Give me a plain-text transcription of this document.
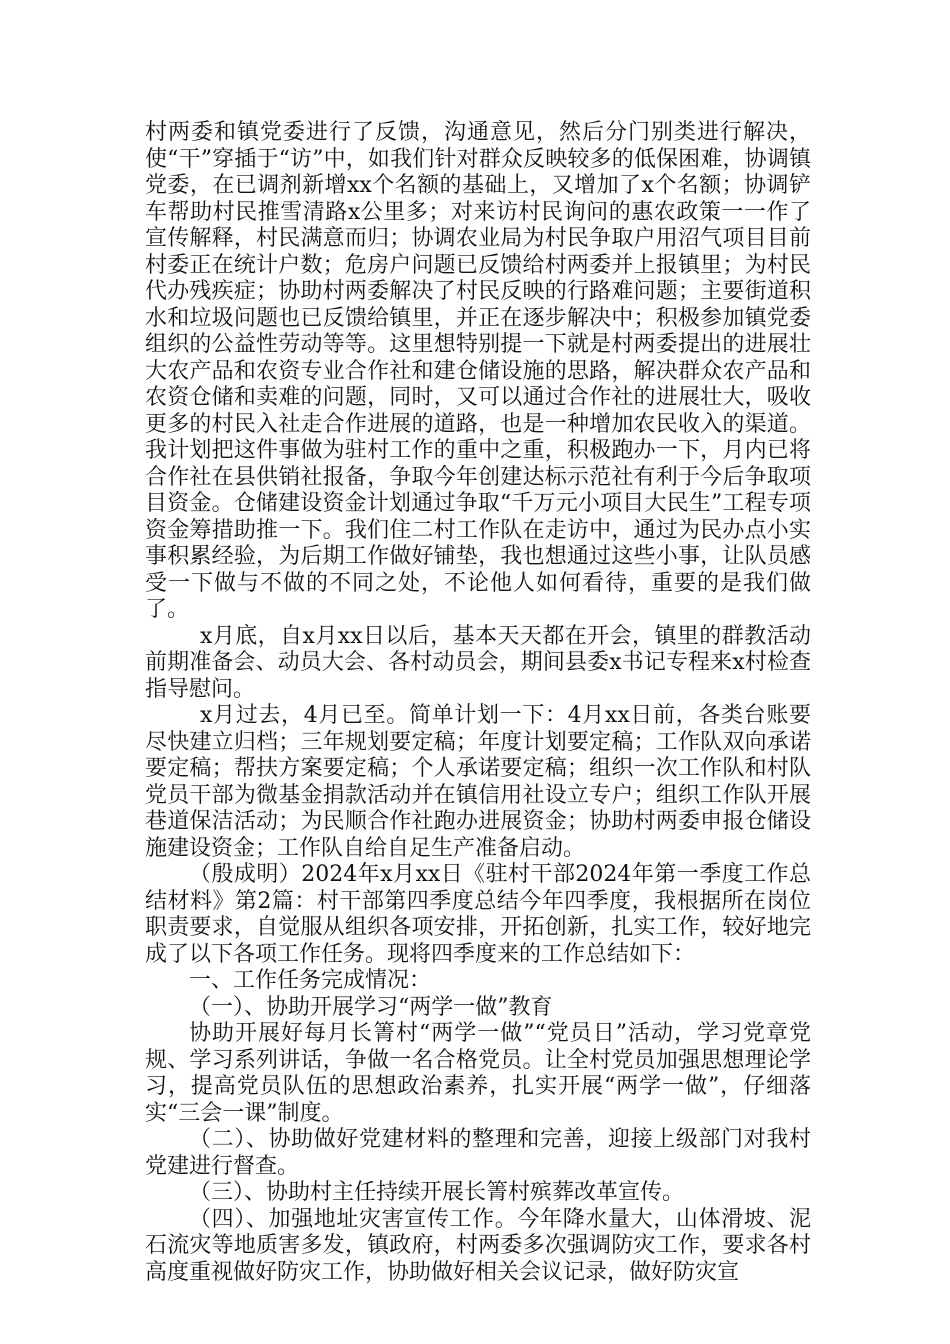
村两委和镇党委进行了反馈，沟通意见，然后分门别类进行解决，使“干”穿插于“访”中，如我们针对群众反映较多的低保困难，协调镇党委，在已调剂新增xx个名额的基础上，又增加了x个名额；协调铲车帮助村民推雪清路x公里多；对来访村民询问的惠农政策一一作了宣传解释，村民满意而归；协调农业局为村民争取户用沼气项目目前村委正在统计户数；危房户问题已反馈给村两委并上报镇里；为村民代办残疾症；协助村两委解决了村民反映的行路难问题；主要街道积水和垃圾问题也已反馈给镇里，并正在逐步解决中；积极参加镇党委组织的公益性劳动等等。这里想特别提一下就是村两委提出的进展壮大农产品和农资专业合作社和建仓储设施的思路，解决群众农产品和农资仓储和卖难的问题，同时，又可以通过合作社的进展壮大，吸收更多的村民入社走合作进展的道路，也是一种增加农民收入的渠道。我计划把这件事做为驻村工作的重中之重，积极跑办一下，月内已将合作社在县供销社报备，争取今年创建达标示范社有利于今后争取项目资金。仓储建设资金计划通过争取“千万元小项目大民生”工程专项资金筹措助推一下。我们住二村工作队在走访中，通过为民办点小实事积累经验，为后期工作做好铺垫，我也想通过这些小事，让队员感受一下做与不做的不同之处，不论他人如何看待，重要的是我们做了。

x月底，自x月xx日以后，基本天天都在开会，镇里的群教活动前期准备会、动员大会、各村动员会，期间县委x书记专程来x村检查指导慰问。

x月过去，4月已至。简单计划一下：4月xx日前，各类台账要尽快建立归档；三年规划要定稿；年度计划要定稿；工作队双向承诺要定稿；帮扶方案要定稿；个人承诺要定稿；组织一次工作队和村队党员干部为微基金捐款活动并在镇信用社设立专户；组织工作队开展巷道保洁活动；为民顺合作社跑办进展资金；协助村两委申报仓储设施建设资金；工作队自给自足生产准备启动。

（殷成明）2024年x月xx日《驻村干部2024年第一季度工作总结材料》第2篇：村干部第四季度总结今年四季度，我根据所在岗位职责要求，自觉服从组织各项安排，开拓创新，扎实工作，较好地完成了以下各项工作任务。现将四季度来的工作总结如下：

一、工作任务完成情况：

（一）、协助开展学习“两学一做”教育

协助开展好每月长箐村“两学一做”“党员日”活动，学习党章党规、学习系列讲话，争做一名合格党员。让全村党员加强思想理论学习，提高党员队伍的思想政治素养，扎实开展“两学一做”，仔细落实“三会一课”制度。

（二）、协助做好党建材料的整理和完善，迎接上级部门对我村党建进行督查。

（三）、协助村主任持续开展长箐村殡葬改革宣传。

（四）、加强地址灾害宣传工作。今年降水量大，山体滑坡、泥石流灾等地质害多发，镇政府，村两委多次强调防灾工作，要求各村高度重视做好防灾工作，协助做好相关会议记录，做好防灾宣
